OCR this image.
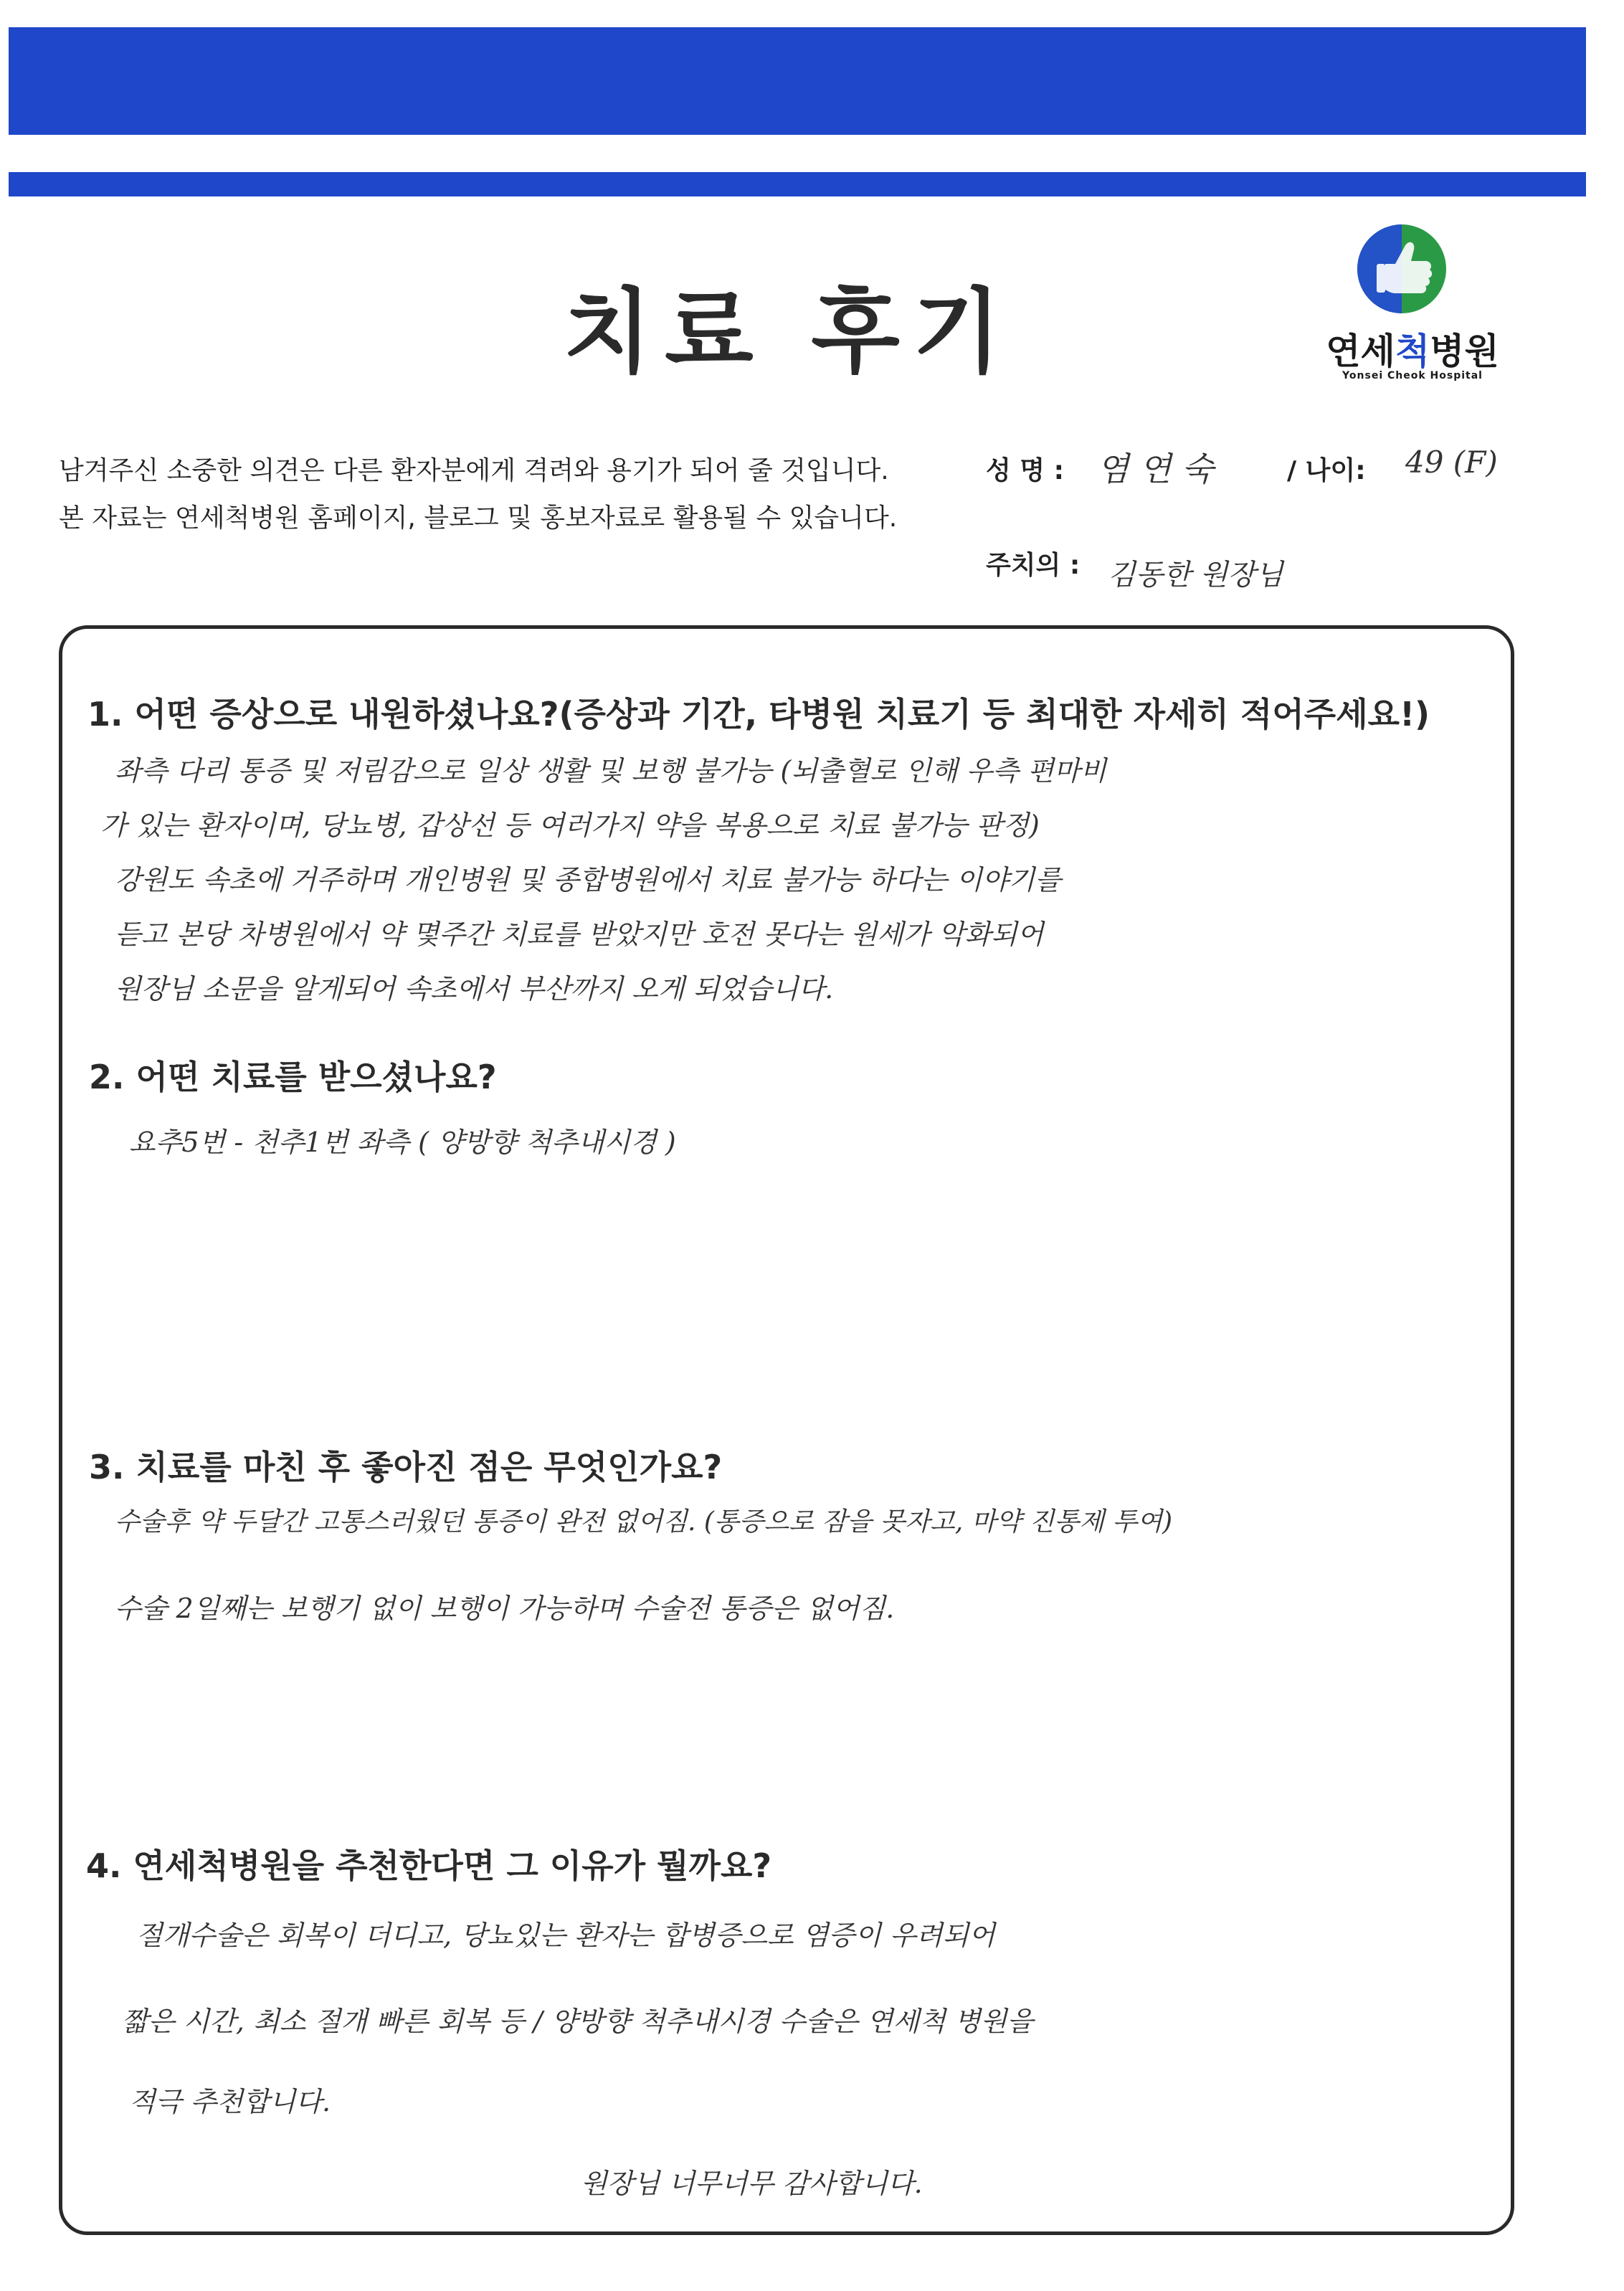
치료 후기	연세척병원
Yonsei Cheok Hospital
남겨주신 소중한 의견은 다른 환자분에게 격려와 용기가 되어 줄 것입니다.
본 자료는 연세척병원 홈페이지, 블로그 및 홍보자료로 활용될 수 있습니다.
성 명 : 염 연 숙	/ 나이: 49 (F)
주치의 : 김동한 원장님
1. 어떤 증상으로 내원하셨나요?(증상과 기간, 타병원 치료기 등 최대한 자세히 적어주세요!)
좌측 다리 통증 및 저림감으로 일상 생활 및 보행 불가능 (뇌출혈로 인해 우측 편마비
가 있는 환자이며, 당뇨병, 갑상선 등 여러가지 약을 복용으로 치료 불가능 판정)
강원도 속초에 거주하며 개인병원 및 종합병원에서 치료 불가능 하다는 이야기를
듣고 본당 차병원에서 약 몇주간 치료를 받았지만 호전 못다는 원세가 악화되어
원장님 소문을 알게되어 속초에서 부산까지 오게 되었습니다.
2. 어떤 치료를 받으셨나요?
요추5번 - 천추1번 좌측 ( 양방향 척추내시경 )
3. 치료를 마친 후 좋아진 점은 무엇인가요?
수술후 약 두달간 고통스러웠던 통증이 완전 없어짐. (통증으로 잠을 못자고, 마약 진통제 투여)
수술 2일째는 보행기 없이 보행이 가능하며 수술전 통증은 없어짐.
4. 연세척병원을 추천한다면 그 이유가 뭘까요?
절개수술은 회복이 더디고, 당뇨있는 환자는 합병증으로 염증이 우려되어
짧은 시간, 최소 절개 빠른 회복 등 / 양방향 척추내시경 수술은 연세척 병원을
적극 추천합니다.
원장님 너무너무 감사합니다.
